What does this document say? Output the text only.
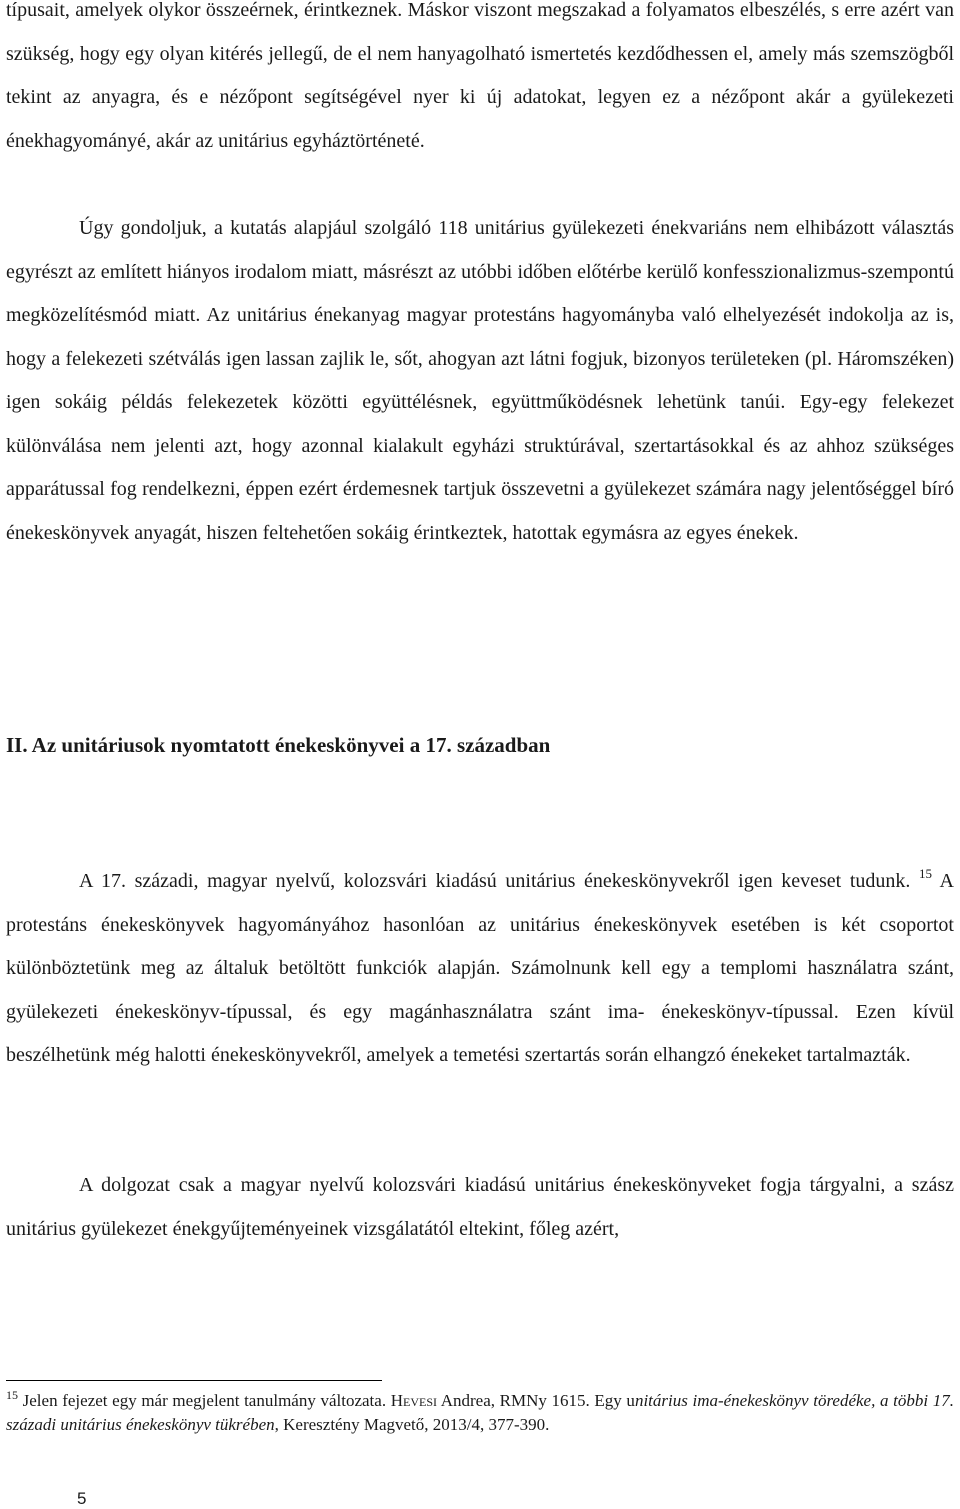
típusait, amelyek olykor összeérnek, érintkeznek. Máskor viszont megszakad a folyamatos elbeszélés, s erre azért van szükség, hogy egy olyan kitérés jellegű, de el nem hanyagolható ismertetés kezdődhessen el, amely más szemszögből tekint az anyagra, és e nézőpont segítségével nyer ki új adatokat, legyen ez a nézőpont akár a gyülekezeti énekhagyományé, akár az unitárius egyháztörténeté.

Úgy gondoljuk, a kutatás alapjául szolgáló 118 unitárius gyülekezeti énekvariáns nem elhibázott választás egyrészt az említett hiányos irodalom miatt, másrészt az utóbbi időben előtérbe kerülő konfesszionalizmus-szempontú megközelítésmód miatt. Az unitárius énekanyag magyar protestáns hagyományba való elhelyezését indokolja az is, hogy a felekezeti szétválás igen lassan zajlik le, sőt, ahogyan azt látni fogjuk, bizonyos területeken (pl. Háromszéken) igen sokáig példás felekezetek közötti együttélésnek, együttműködésnek lehetünk tanúi. Egy-egy felekezet különválása nem jelenti azt, hogy azonnal kialakult egyházi struktúrával, szertartásokkal és az ahhoz szükséges apparátussal fog rendelkezni, éppen ezért érdemesnek tartjuk összevetni a gyülekezet számára nagy jelentőséggel bíró énekeskönyvek anyagát, hiszen feltehetően sokáig érintkeztek, hatottak egymásra az egyes énekek.

II. Az unitáriusok nyomtatott énekeskönyvei a 17. században

A 17. századi, magyar nyelvű, kolozsvári kiadású unitárius énekeskönyvekről igen keveset tudunk. $^{15}$ A protestáns énekeskönyvek hagyományához hasonlóan az unitárius énekeskönyvek esetében is két csoportot különböztetünk meg az általuk betöltött funkciók alapján. Számolnunk kell egy a templomi használatra szánt, gyülekezeti énekeskönyv-típussal, és egy magánhasználatra szánt ima- énekeskönyv-típussal. Ezen kívül beszélhetünk még halotti énekeskönyvekről, amelyek a temetési szertartás során elhangzó énekeket tartalmazták.

A dolgozat csak a magyar nyelvű kolozsvári kiadású unitárius énekeskönyveket fogja tárgyalni, a szász unitárius gyülekezet énekgyűjteményeinek vizsgálatától eltekint, főleg azért,

$^{15}$ Jelen fejezet egy már megjelent tanulmány változata. Hevesi Andrea, RMNy 1615. Egy unitárius ima-énekeskönyv töredéke, a többi 17. századi unitárius énekeskönyv tükrében, Keresztény Magvető, 2013/4, 377-390.

5
